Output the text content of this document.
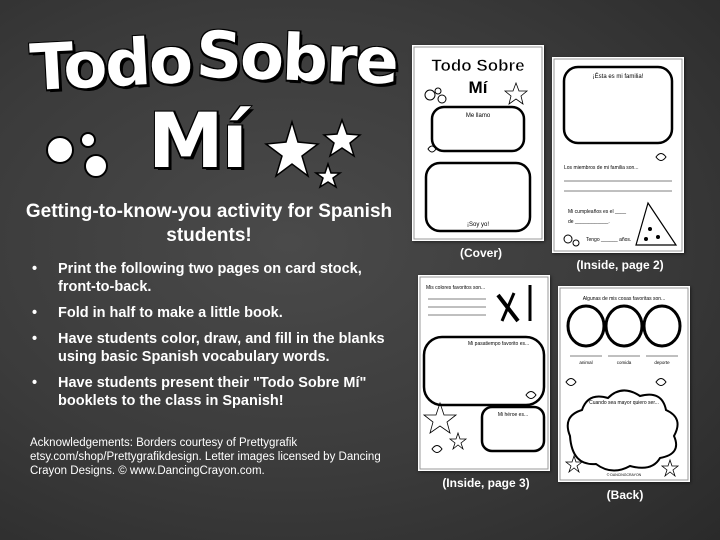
Todo Sobre
Mí
Getting-to-know-you activity for Spanish students!
• Print the following two pages on card stock, front-to-back.
• Fold in half to make a little book.
• Have students color, draw, and fill in the blanks using basic Spanish vocabulary words.
• Have students present their "Todo Sobre Mí" booklets to the class in Spanish!
Acknowledgements: Borders courtesy of Prettygrafik etsy.com/shop/Prettygrafikdesign. Letter images licensed by Dancing Crayon Designs. © www.DancingCrayon.com.
Todo Sobre
Mí
Me llamo
¡Soy yo!
(Cover)
¡Ésta es mi familia!
Los miembros de mi familia son...
Mi cumpleaños es el ____
de ____________.
Tengo ______ años.
(Inside, page 2)
Mis colores favoritos son...
Mi pasatiempo favorito es...
Mi héroe es...
(Inside, page 3)
Algunas de mis cosas favoritas son...
animal	comida	deporte
Cuando sea mayor quiero ser...
© DANCINGCRAYON
(Back)
